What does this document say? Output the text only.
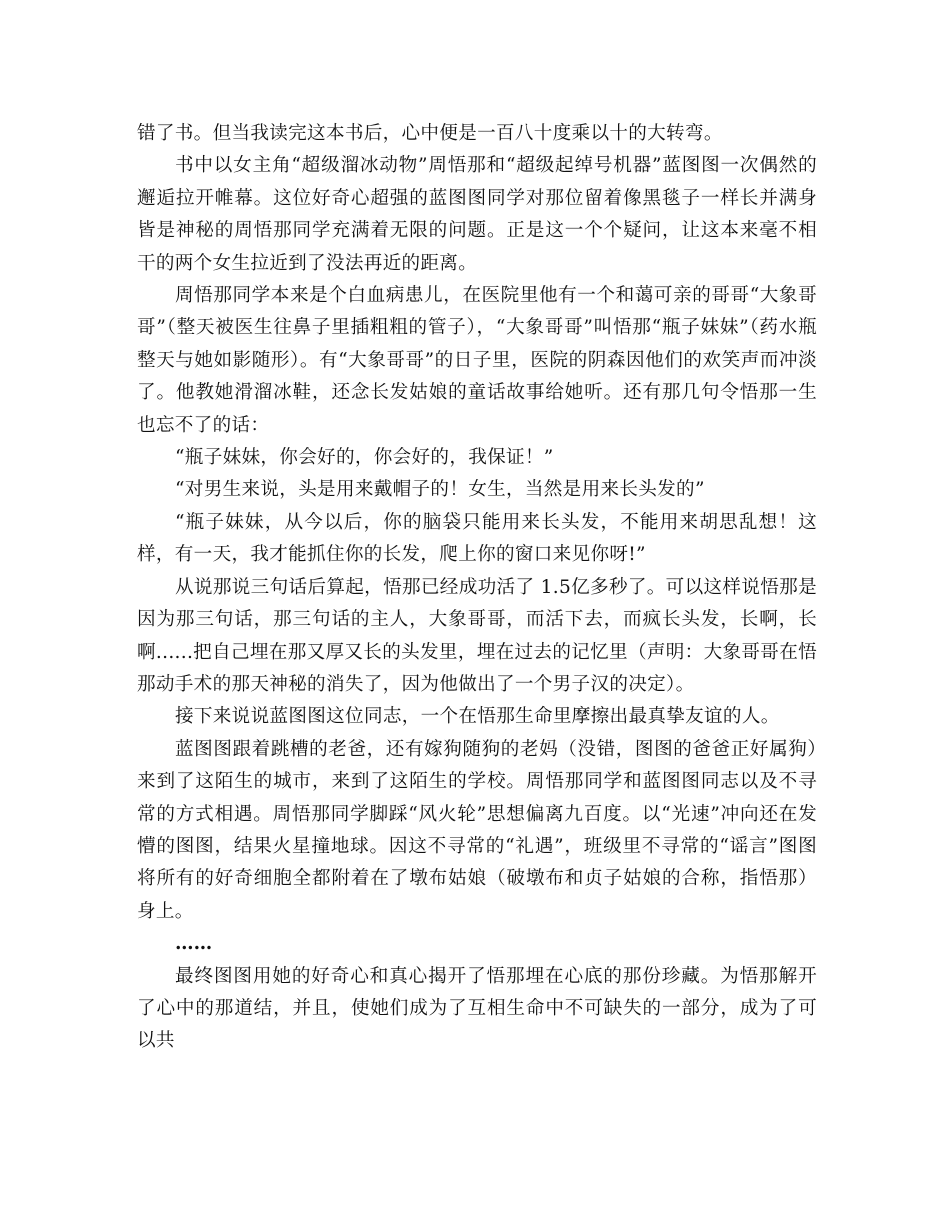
错了书。但当我读完这本书后，心中便是一百八十度乘以十的大转弯。

书中以女主角“超级溜冰动物”周悟那和“超级起绰号机器”蓝图图一次偶然的邂逅拉开帷幕。这位好奇心超强的蓝图图同学对那位留着像黑毯子一样长并满身皆是神秘的周悟那同学充满着无限的问题。正是这一个个疑问，让这本来毫不相干的两个女生拉近到了没法再近的距离。

周悟那同学本来是个白血病患儿，在医院里他有一个和蔼可亲的哥哥“大象哥哥”（整天被医生往鼻子里插粗粗的管子），“大象哥哥”叫悟那“瓶子妹妹”（药水瓶整天与她如影随形）。有“大象哥哥”的日子里，医院的阴森因他们的欢笑声而冲淡了。他教她滑溜冰鞋，还念长发姑娘的童话故事给她听。还有那几句令悟那一生也忘不了的话：

“瓶子妹妹，你会好的，你会好的，我保证！”

“对男生来说，头是用来戴帽子的！女生，当然是用来长头发的”

“瓶子妹妹，从今以后，你的脑袋只能用来长头发，不能用来胡思乱想！这样，有一天，我才能抓住你的长发，爬上你的窗口来见你呀!”

从说那说三句话后算起，悟那已经成功活了 1.5亿多秒了。可以这样说悟那是因为那三句话，那三句话的主人，大象哥哥，而活下去，而疯长头发，长啊，长啊......把自己埋在那又厚又长的头发里，埋在过去的记忆里（声明：大象哥哥在悟那动手术的那天神秘的消失了，因为他做出了一个男子汉的决定）。

接下来说说蓝图图这位同志，一个在悟那生命里摩擦出最真挚友谊的人。

蓝图图跟着跳槽的老爸，还有嫁狗随狗的老妈（没错，图图的爸爸正好属狗）来到了这陌生的城市，来到了这陌生的学校。周悟那同学和蓝图图同志以及不寻常的方式相遇。周悟那同学脚踩“风火轮”思想偏离九百度。以“光速”冲向还在发懵的图图，结果火星撞地球。因这不寻常的“礼遇”，班级里不寻常的“谣言”图图将所有的好奇细胞全都附着在了墩布姑娘（破墩布和贞子姑娘的合称，指悟那）身上。

……

最终图图用她的好奇心和真心揭开了悟那埋在心底的那份珍藏。为悟那解开了心中的那道结，并且，使她们成为了互相生命中不可缺失的一部分，成为了可以共
